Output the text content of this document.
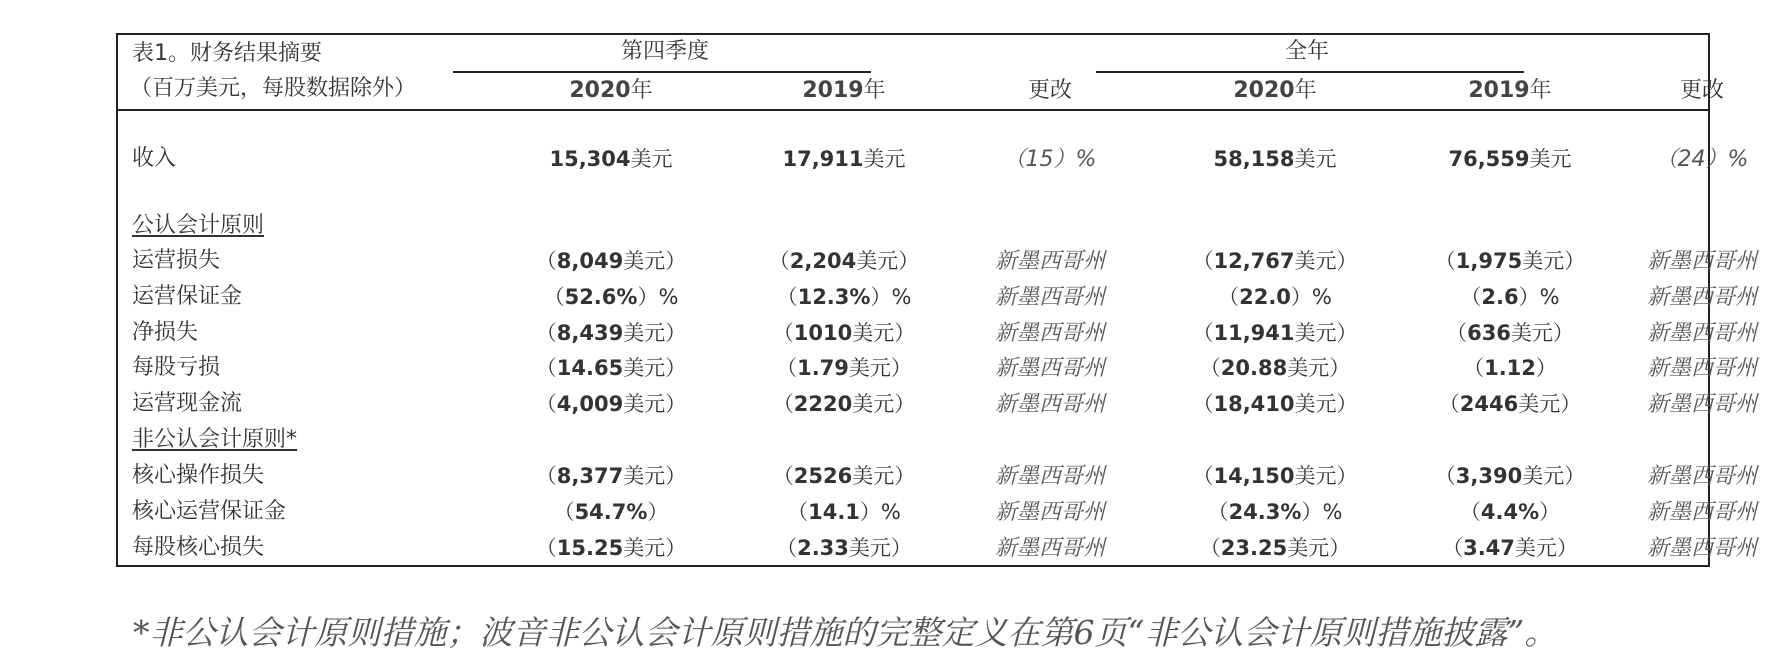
表1。财务结果摘要
（百万美元，每股数据除外）
第四季度	全年
2020年	2019年	更改	2020年	2019年	更改
收入	15,304美元	17,911美元	（15）%	58,158美元	76,559美元	（24）%
公认会计原则
运营损失	（8,049美元）	（2,204美元）	新墨西哥州	（12,767美元）	（1,975美元）	新墨西哥州
运营保证金	（52.6%）%	（12.3%）%	新墨西哥州	（22.0）%	（2.6）%	新墨西哥州
净损失	（8,439美元）	（1010美元）	新墨西哥州	（11,941美元）	（636美元）	新墨西哥州
每股亏损	（14.65美元）	（1.79美元）	新墨西哥州	（20.88美元）	（1.12）	新墨西哥州
运营现金流	（4,009美元）	（2220美元）	新墨西哥州	（18,410美元）	（2446美元）	新墨西哥州
非公认会计原则*
核心操作损失	（8,377美元）	（2526美元）	新墨西哥州	（14,150美元）	（3,390美元）	新墨西哥州
核心运营保证金	（54.7%）	（14.1）%	新墨西哥州	（24.3%）%	（4.4%）	新墨西哥州
每股核心损失	（15.25美元）	（2.33美元）	新墨西哥州	（23.25美元）	（3.47美元）	新墨西哥州
*非公认会计原则措施；波音非公认会计原则措施的完整定义在第6页“非公认会计原则措施披露”。
